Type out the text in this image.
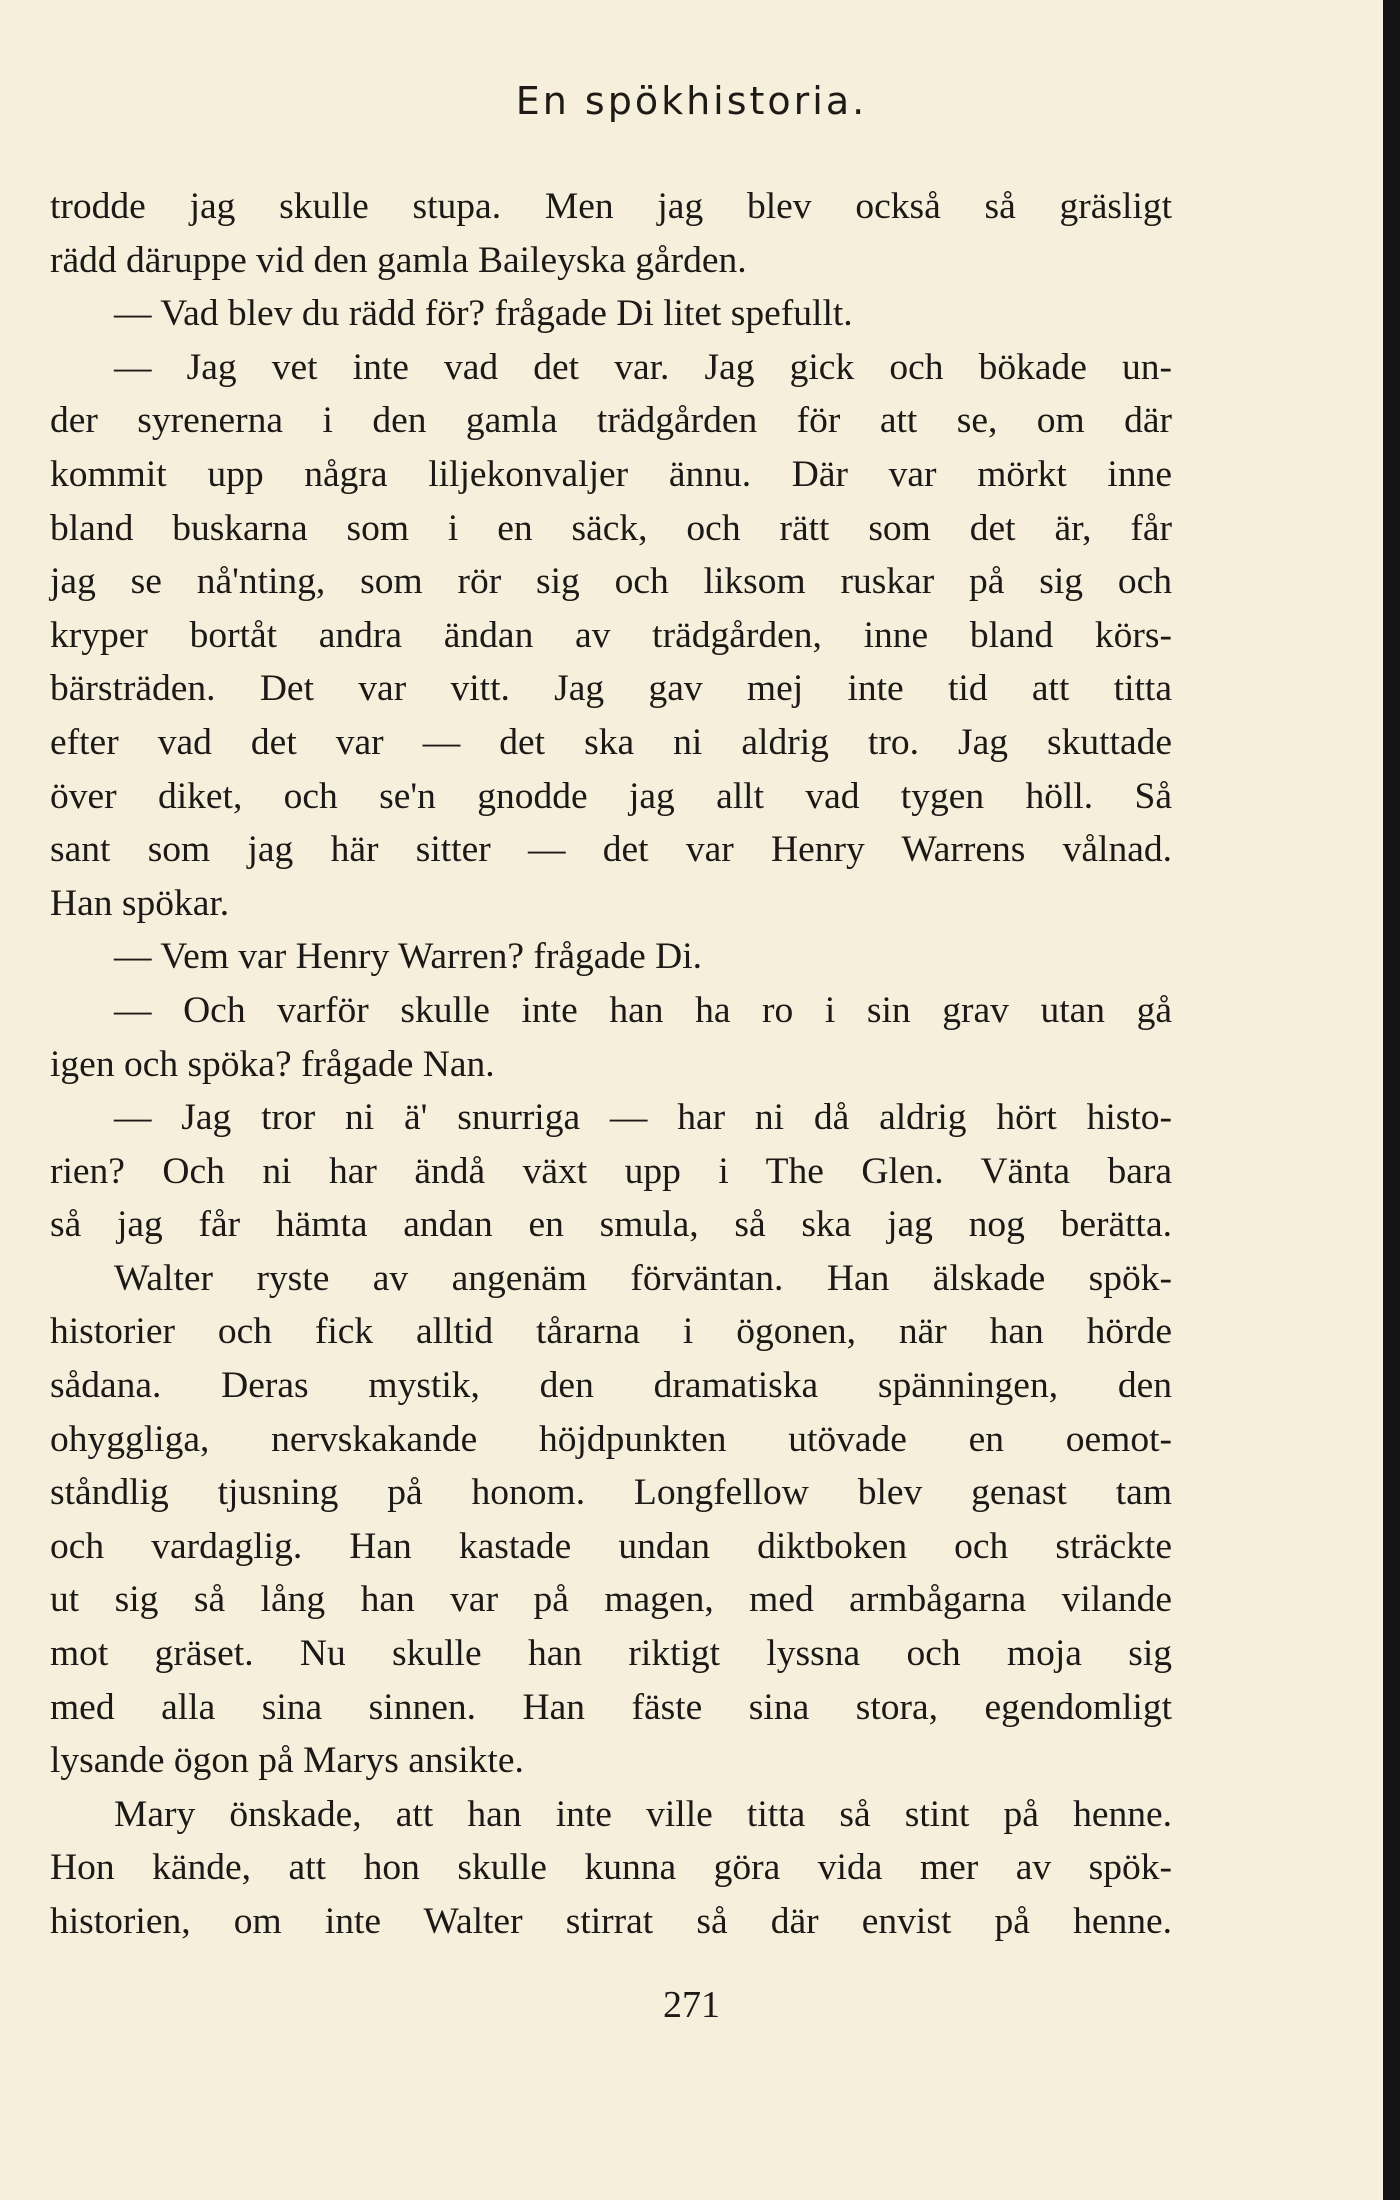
En spökhistoria.
trodde jag skulle stupa. Men jag blev också så gräsligt
rädd däruppe vid den gamla Baileyska gården.
— Vad blev du rädd för? frågade Di litet spefullt.
— Jag vet inte vad det var. Jag gick och bökade un-
der syrenerna i den gamla trädgården för att se, om där
kommit upp några liljekonvaljer ännu. Där var mörkt inne
bland buskarna som i en säck, och rätt som det är, får
jag se nå'nting, som rör sig och liksom ruskar på sig och
kryper bortåt andra ändan av trädgården, inne bland körs-
bärsträden. Det var vitt. Jag gav mej inte tid att titta
efter vad det var — det ska ni aldrig tro. Jag skuttade
över diket, och se'n gnodde jag allt vad tygen höll. Så
sant som jag här sitter — det var Henry Warrens vålnad.
Han spökar.
— Vem var Henry Warren? frågade Di.
— Och varför skulle inte han ha ro i sin grav utan gå
igen och spöka? frågade Nan.
— Jag tror ni ä' snurriga — har ni då aldrig hört histo-
rien? Och ni har ändå växt upp i The Glen. Vänta bara
så jag får hämta andan en smula, så ska jag nog berätta.
Walter ryste av angenäm förväntan. Han älskade spök-
historier och fick alltid tårarna i ögonen, när han hörde
sådana. Deras mystik, den dramatiska spänningen, den
ohyggliga, nervskakande höjdpunkten utövade en oemot-
ståndlig tjusning på honom. Longfellow blev genast tam
och vardaglig. Han kastade undan diktboken och sträckte
ut sig så lång han var på magen, med armbågarna vilande
mot gräset. Nu skulle han riktigt lyssna och moja sig
med alla sina sinnen. Han fäste sina stora, egendomligt
lysande ögon på Marys ansikte.
Mary önskade, att han inte ville titta så stint på henne.
Hon kände, att hon skulle kunna göra vida mer av spök-
historien, om inte Walter stirrat så där envist på henne.
271
